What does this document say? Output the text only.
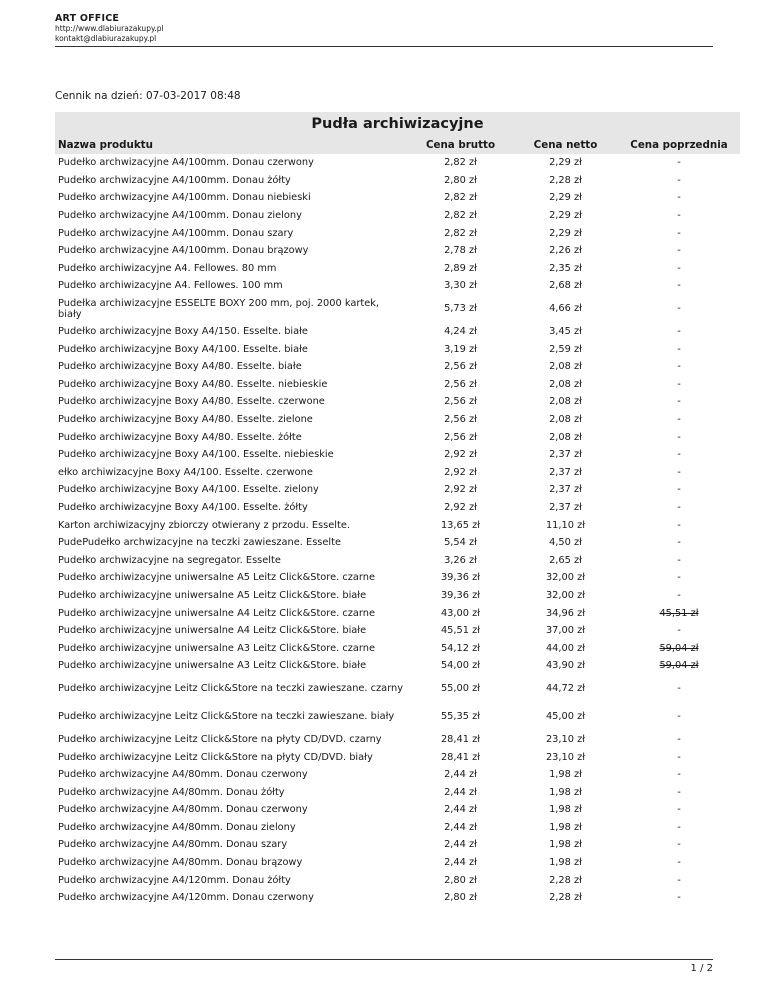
ART OFFICE
http://www.dlabiurazakupy.pl
kontakt@dlabiurazakupy.pl
Cennik na dzień: 07-03-2017 08:48
Pudła archiwizacyjne
Nazwa produktu	Cena brutto	Cena netto	Cena poprzednia
Pudełko archwizacyjne A4/100mm. Donau czerwony	2,82 zł	2,29 zł	-
Pudełko archwizacyjne A4/100mm. Donau żółty	2,80 zł	2,28 zł	-
Pudełko archwizacyjne A4/100mm. Donau niebieski	2,82 zł	2,29 zł	-
Pudełko archwizacyjne A4/100mm. Donau zielony	2,82 zł	2,29 zł	-
Pudełko archwizacyjne A4/100mm. Donau szary	2,82 zł	2,29 zł	-
Pudełko archwizacyjne A4/100mm. Donau brązowy	2,78 zł	2,26 zł	-
Pudełko archiwizacyjne A4. Fellowes. 80 mm	2,89 zł	2,35 zł	-
Pudełko archiwizacyjne A4. Fellowes. 100 mm	3,30 zł	2,68 zł	-
Pudełka archiwizacyjne ESSELTE BOXY 200 mm, poj. 2000 kartek, biały	5,73 zł	4,66 zł	-
Pudełko archiwizacyjne Boxy A4/150. Esselte. białe	4,24 zł	3,45 zł	-
Pudełko archiwizacyjne Boxy A4/100. Esselte. białe	3,19 zł	2,59 zł	-
Pudełko archiwizacyjne Boxy A4/80. Esselte. białe	2,56 zł	2,08 zł	-
Pudełko archiwizacyjne Boxy A4/80. Esselte. niebieskie	2,56 zł	2,08 zł	-
Pudełko archiwizacyjne Boxy A4/80. Esselte. czerwone	2,56 zł	2,08 zł	-
Pudełko archiwizacyjne Boxy A4/80. Esselte. zielone	2,56 zł	2,08 zł	-
Pudełko archiwizacyjne Boxy A4/80. Esselte. żółte	2,56 zł	2,08 zł	-
Pudełko archiwizacyjne Boxy A4/100. Esselte. niebieskie	2,92 zł	2,37 zł	-
ełko archiwizacyjne Boxy A4/100. Esselte. czerwone	2,92 zł	2,37 zł	-
Pudełko archiwizacyjne Boxy A4/100. Esselte. zielony	2,92 zł	2,37 zł	-
Pudełko archiwizacyjne Boxy A4/100. Esselte. żółty	2,92 zł	2,37 zł	-
Karton archiwizacyjny zbiorczy otwierany z przodu. Esselte.	13,65 zł	11,10 zł	-
PudePudełko archwizacyjne na teczki zawieszane. Esselte	5,54 zł	4,50 zł	-
Pudełko archwizacyjne na segregator. Esselte	3,26 zł	2,65 zł	-
Pudełko archiwizacyjne uniwersalne A5 Leitz Click&Store. czarne	39,36 zł	32,00 zł	-
Pudełko archiwizacyjne uniwersalne A5 Leitz Click&Store. białe	39,36 zł	32,00 zł	-
Pudełko archiwizacyjne uniwersalne A4 Leitz Click&Store. czarne	43,00 zł	34,96 zł	45,51 zł
Pudełko archiwizacyjne uniwersalne A4 Leitz Click&Store. białe	45,51 zł	37,00 zł	-
Pudełko archiwizacyjne uniwersalne A3 Leitz Click&Store. czarne	54,12 zł	44,00 zł	59,04 zł
Pudełko archiwizacyjne uniwersalne A3 Leitz Click&Store. białe	54,00 zł	43,90 zł	59,04 zł
Pudełko archiwizacyjne Leitz Click&Store na teczki zawieszane. czarny	55,00 zł	44,72 zł	-
Pudełko archiwizacyjne Leitz Click&Store na teczki zawieszane. biały	55,35 zł	45,00 zł	-
Pudełko archiwizacyjne Leitz Click&Store na płyty CD/DVD. czarny	28,41 zł	23,10 zł	-
Pudełko archiwizacyjne Leitz Click&Store na płyty CD/DVD. biały	28,41 zł	23,10 zł	-
Pudełko archwizacyjne A4/80mm. Donau czerwony	2,44 zł	1,98 zł	-
Pudełko archwizacyjne A4/80mm. Donau żółty	2,44 zł	1,98 zł	-
Pudełko archwizacyjne A4/80mm. Donau czerwony	2,44 zł	1,98 zł	-
Pudełko archwizacyjne A4/80mm. Donau zielony	2,44 zł	1,98 zł	-
Pudełko archwizacyjne A4/80mm. Donau szary	2,44 zł	1,98 zł	-
Pudełko archwizacyjne A4/80mm. Donau brązowy	2,44 zł	1,98 zł	-
Pudełko archwizacyjne A4/120mm. Donau żółty	2,80 zł	2,28 zł	-
Pudełko archwizacyjne A4/120mm. Donau czerwony	2,80 zł	2,28 zł	-
1 / 2
